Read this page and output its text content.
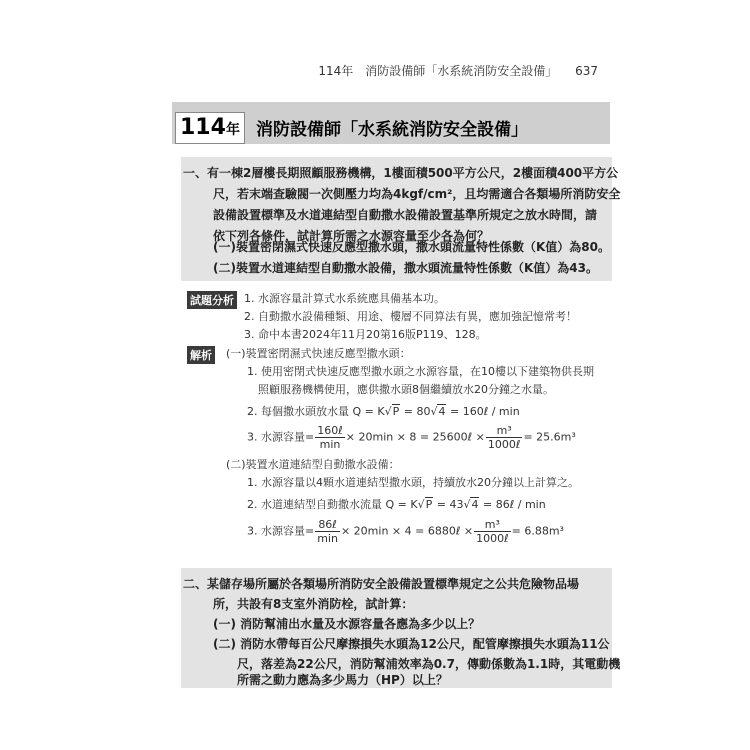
114年　消防設備師「水系統消防安全設備」 637
114年 消防設備師「水系統消防安全設備」
一、有一棟2層樓長期照顧服務機構，1樓面積500平方公尺，2樓面積400平方公
尺，若末端查驗閥一次側壓力均為4kgf/cm²，且均需適合各類場所消防安全
設備設置標準及水道連結型自動撒水設備設置基準所規定之放水時間，請
依下列各條件，試計算所需之水源容量至少各為何？
(一)裝置密閉濕式快速反應型撒水頭，撒水頭流量特性係數（K值）為80。
(二)裝置水道連結型自動撒水設備，撒水頭流量特性係數（K值）為43。
試題分析 1. 水源容量計算式水系統應具備基本功。
2. 自動撒水設備種類、用途、樓層不同算法有異，應加強記憶常考！
3. 命中本書2024年11月20第16版P119、128。
解析 (一)裝置密閉濕式快速反應型撒水頭：
1. 使用密閉式快速反應型撒水頭之水源容量，在10樓以下建築物供長期
照顧服務機構使用，應供撒水頭8個繼續放水20分鐘之水量。
2. 每個撒水頭放水量 Q = K√P = 80√4 = 160ℓ / min
3. 水源容量= $\frac{\text{160ℓ}}{\min} \times 20\min \times 8$ = 25600ℓ × $\frac{\text{m³}}{\text{1000ℓ}} = 25.6m^3$
(二)裝置水道連結型自動撒水設備：
1. 水源容量以4顆水道連結型撒水頭，持續放水20分鐘以上計算之。
2. 水道連結型自動撒水流量 Q = K√P = 43√4 = 86ℓ / min
3. 水源容量= $\frac{\text{86ℓ}}{\min} \times 20\min \times 4$ = 6880ℓ × $\frac{\text{m³}}{\text{1000ℓ}} = 6.88m^3$
二、某儲存場所屬於各類場所消防安全設備設置標準規定之公共危險物品場
所，共設有8支室外消防栓，試計算：
(一) 消防幫浦出水量及水源容量各應為多少以上？
(二) 消防水帶每百公尺摩擦損失水頭為12公尺，配管摩擦損失水頭為11公
尺，落差為22公尺，消防幫浦效率為0.7，傳動係數為1.1時，其電動機
所需之動力應為多少馬力（HP）以上？
